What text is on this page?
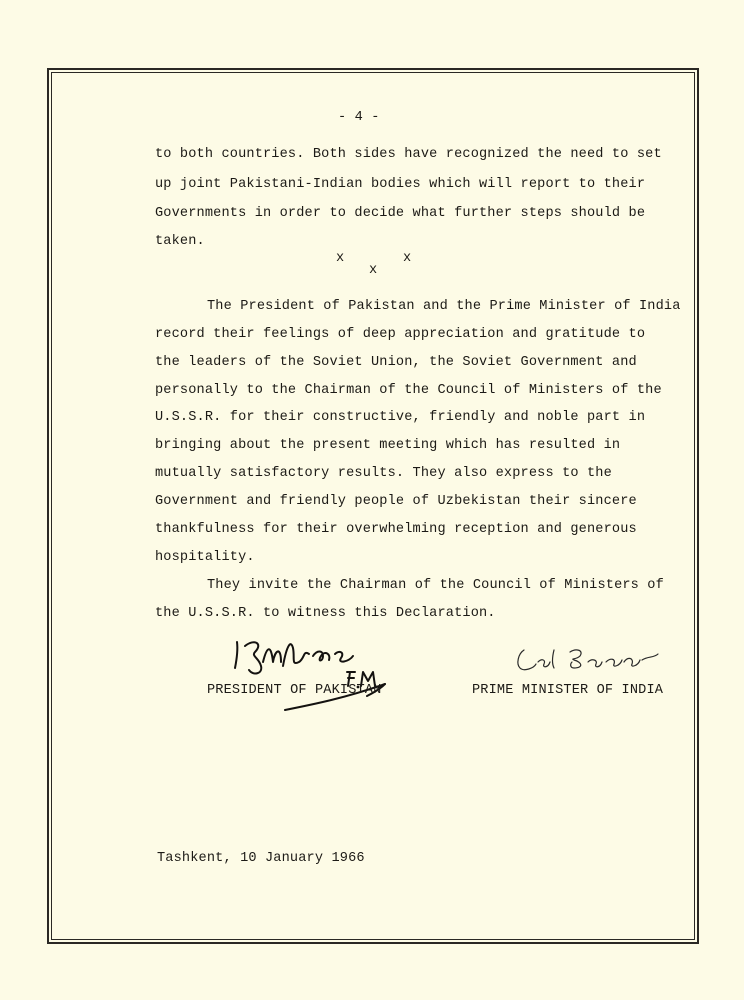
- 4 -
to both countries. Both sides have recognized the need to set
up joint Pakistani-Indian bodies which will report to their
Governments in order to decide what further steps should be
taken.
x
x
x
The President of Pakistan and the Prime Minister of India
record their feelings of deep appreciation and gratitude to
the leaders of the Soviet Union, the Soviet Government and
personally to the Chairman of the Council of Ministers of the
U.S.S.R. for their constructive, friendly and noble part in
bringing about the present meeting which has resulted in
mutually satisfactory results. They also express to the
Government and friendly people of Uzbekistan their sincere
thankfulness for their overwhelming reception and generous
hospitality.
They invite the Chairman of the Council of Ministers of
the U.S.S.R. to witness this Declaration.
PRESIDENT OF PAKISTAN	PRIME MINISTER OF INDIA
Tashkent, 10 January 1966
